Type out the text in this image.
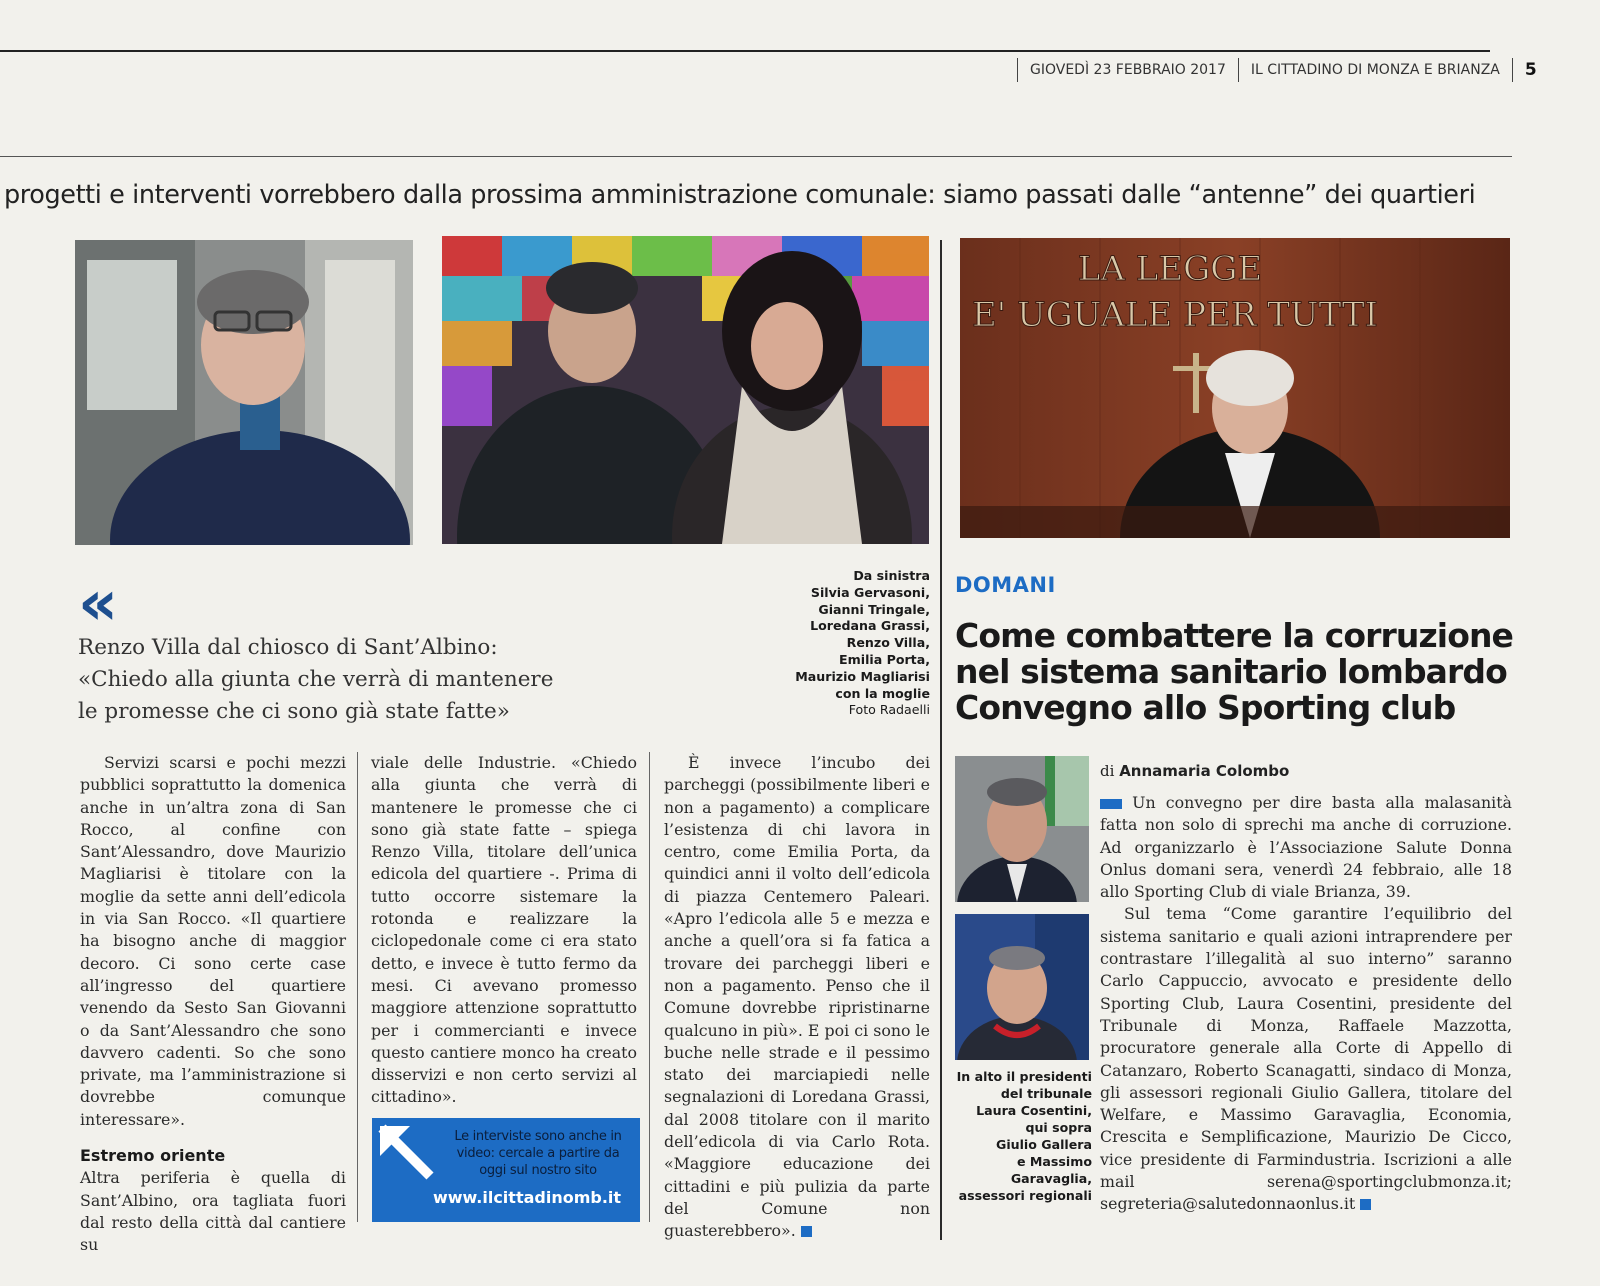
GIOVEDÌ 23 FEBBRAIO 2017 IL CITTADINO DI MONZA E BRIANZA 5
progetti e interventi vorrebbero dalla prossima amministrazione comunale: siamo passati dalle “antenne” dei quartieri
LA LEGGE
E' UGUALE PER TUTTI
«
Renzo Villa dal chiosco di Sant’Albino:
«Chiedo alla giunta che verrà di mantenere
le promesse che ci sono già state fatte»
Da sinistra
Silvia Gervasoni,
Gianni Tringale,
Loredana Grassi,
Renzo Villa,
Emilia Porta,
Maurizio Magliarisi
con la moglie
Foto Radaelli

Servizi scarsi e pochi mezzi pubblici soprattutto la domenica anche in un’altra zona di San Rocco, al confine con Sant’Alessandro, dove Maurizio Magliarisi è titolare con la moglie da sette anni dell’edicola in via San Rocco. «Il quartiere ha bisogno anche di maggior decoro. Ci sono certe case all’ingresso del quartiere venendo da Sesto San Giovanni o da Sant’Alessandro che sono davvero cadenti. So che sono private, ma l’amministrazione si dovrebbe comunque interessare».

Estremo oriente

Altra periferia è quella di Sant’Albino, ora tagliata fuori dal resto della città dal cantiere su

viale delle Industrie. «Chiedo alla giunta che verrà di mantenere le promesse che ci sono già state fatte – spiega Renzo Villa, titolare dell’unica edicola del quartiere -. Prima di tutto occorre sistemare la rotonda e realizzare la ciclopedonale come ci era stato detto, e invece è tutto fermo da mesi. Ci avevano promesso maggiore attenzione soprattutto per i commercianti e invece questo cantiere monco ha creato disservizi e non certo servizi al cittadino».

È invece l’incubo dei parcheggi (possibilmente liberi e non a pagamento) a complicare l’esistenza di chi lavora in centro, come Emilia Porta, da quindici anni il volto dell’edicola di piazza Centemero Paleari. «Apro l’edicola alle 5 e mezza e anche a quell’ora si fa fatica a trovare dei parcheggi liberi e non a pagamento. Penso che il Comune dovrebbe ripristinarne qualcuno in più». E poi ci sono le buche nelle strade e il pessimo stato dei marciapiedi nelle segnalazioni di Loredana Grassi, dal 2008 titolare con il marito dell’edicola di via Carlo Rota. «Maggiore educazione dei cittadini e più pulizia da parte del Comune non guasterebbero».

Le interviste sono anche in video: cercale a partire da oggi sul nostro sito
www.ilcittadinomb.it
DOMANI
Come combattere la corruzione
nel sistema sanitario lombardo
Convegno allo Sporting club
In alto il presidenti
del tribunale
Laura Cosentini,
qui sopra
Giulio Gallera
e Massimo
Garavaglia,
assessori regionali
di Annamaria Colombo

Un convegno per dire basta alla malasanità fatta non solo di sprechi ma anche di corruzione. Ad organizzarlo è l’Associazione Salute Donna Onlus domani sera, venerdì 24 febbraio, alle 18 allo Sporting Club di viale Brianza, 39.

Sul tema “Come garantire l’equilibrio del sistema sanitario e quali azioni intraprendere per contrastare l’illegalità al suo interno” saranno Carlo Cappuccio, avvocato e presidente dello Sporting Club, Laura Cosentini, presidente del Tribunale di Monza, Raffaele Mazzotta, procuratore generale alla Corte di Appello di Catanzaro, Roberto Scanagatti, sindaco di Monza, gli assessori regionali Giulio Gallera, titolare del Welfare, e Massimo Garavaglia, Economia, Crescita e Semplificazione, Maurizio De Cicco, vice presidente di Farmindustria. Iscrizioni a alle mail serena@sportingclubmonza.it; segreteria@salutedonnaonlus.it
